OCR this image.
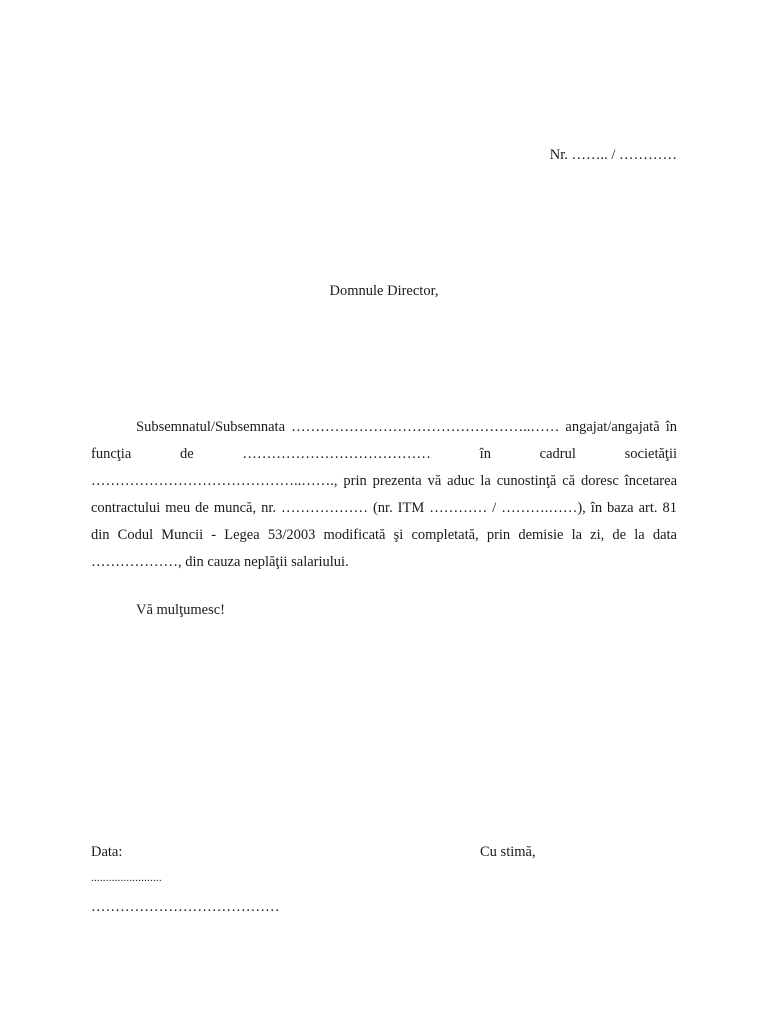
Nr. …….. / …………
Domnule Director,

Subsemnatul/Subsemnata …………………………………………..…… angajat/angajată în funcţia de ………………………………… în cadrul societăţii ……………………………………..……., prin prezenta vă aduc la cunostinţă că doresc încetarea contractului meu de muncă, nr. ……………… (nr. ITM ………… / ……….……), în baza art. 81 din Codul Muncii - Legea 53/2003 modificată şi completată, prin demisie la zi, de la data ………………, din cauza neplăţii salariului.

Vă mulţumesc!
Data:	Cu stimă,
........................
…………………………………
